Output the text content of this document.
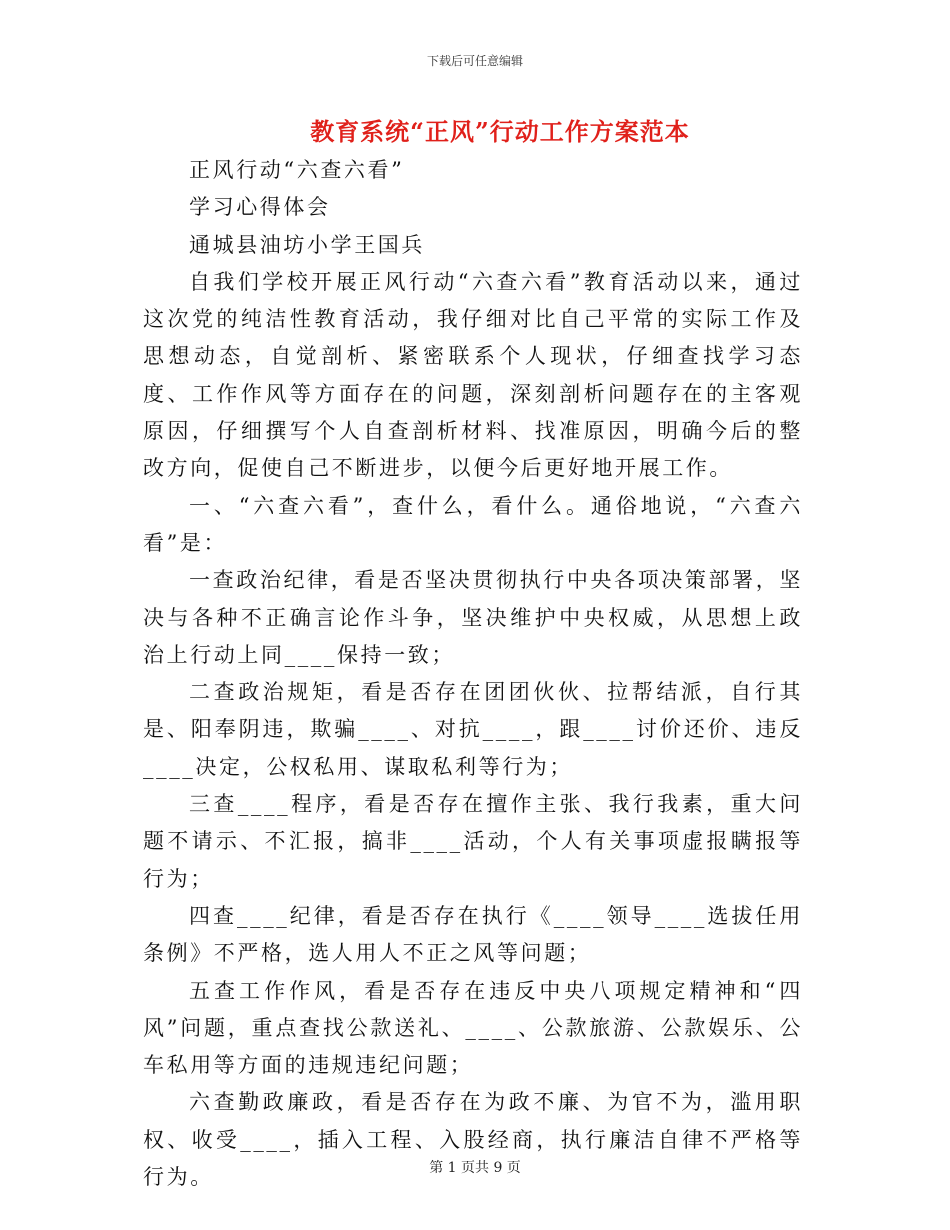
下载后可任意编辑
教育系统“正风”行动工作方案范本

正风行动“六查六看”

学习心得体会

通城县油坊小学王国兵

自我们学校开展正风行动“六查六看”教育活动以来，通过这次党的纯洁性教育活动，我仔细对比自己平常的实际工作及思想动态，自觉剖析、紧密联系个人现状，仔细查找学习态度、工作作风等方面存在的问题，深刻剖析问题存在的主客观原因，仔细撰写个人自查剖析材料、找准原因，明确今后的整改方向，促使自己不断进步，以便今后更好地开展工作。

一、“六查六看”，查什么，看什么。通俗地说，“六查六看”是：

一查政治纪律，看是否坚决贯彻执行中央各项决策部署，坚决与各种不正确言论作斗争，坚决维护中央权威，从思想上政治上行动上同____保持一致；

二查政治规矩，看是否存在团团伙伙、拉帮结派，自行其是、阳奉阴违，欺骗____、对抗____，跟____讨价还价、违反____决定，公权私用、谋取私利等行为；

三查____程序，看是否存在擅作主张、我行我素，重大问题不请示、不汇报，搞非____活动，个人有关事项虚报瞒报等行为；

四查____纪律，看是否存在执行《____领导____选拔任用条例》不严格，选人用人不正之风等问题；

五查工作作风，看是否存在违反中央八项规定精神和“四风”问题，重点查找公款送礼、____、公款旅游、公款娱乐、公车私用等方面的违规违纪问题；

六查勤政廉政，看是否存在为政不廉、为官不为，滥用职权、收受____，插入工程、入股经商，执行廉洁自律不严格等行为。	第 1 页共 9 页
